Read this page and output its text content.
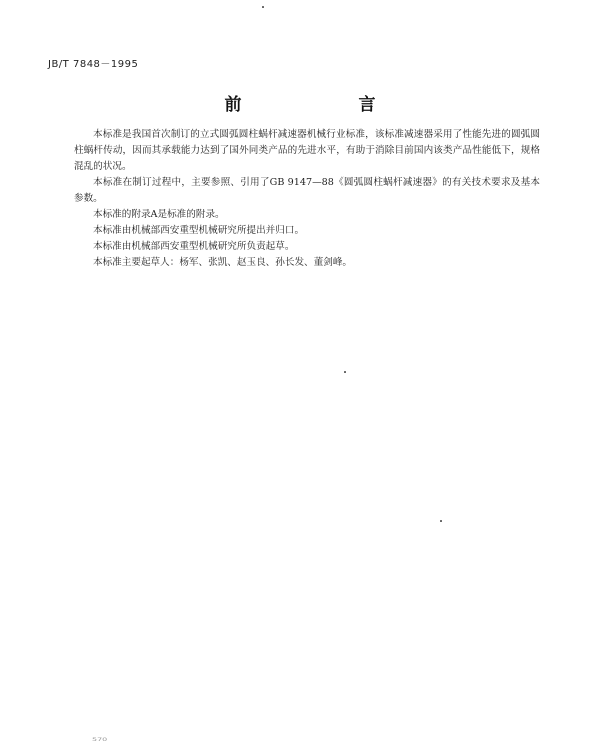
JB/T 7848－1995
前　言

本标准是我国首次制订的立式圆弧圆柱蜗杆减速器机械行业标准，该标准减速器采用了性能先进的圆弧圆柱蜗杆传动，因而其承载能力达到了国外同类产品的先进水平，有助于消除目前国内该类产品性能低下，规格混乱的状况。

本标准在制订过程中，主要参照、引用了GB 9147—88《圆弧圆柱蜗杆减速器》的有关技术要求及基本参数。

本标准的附录A是标准的附录。

本标准由机械部西安重型机械研究所提出并归口。

本标准由机械部西安重型机械研究所负责起草。

本标准主要起草人：杨军、张凯、赵玉良、孙长发、董剑峰。

570
